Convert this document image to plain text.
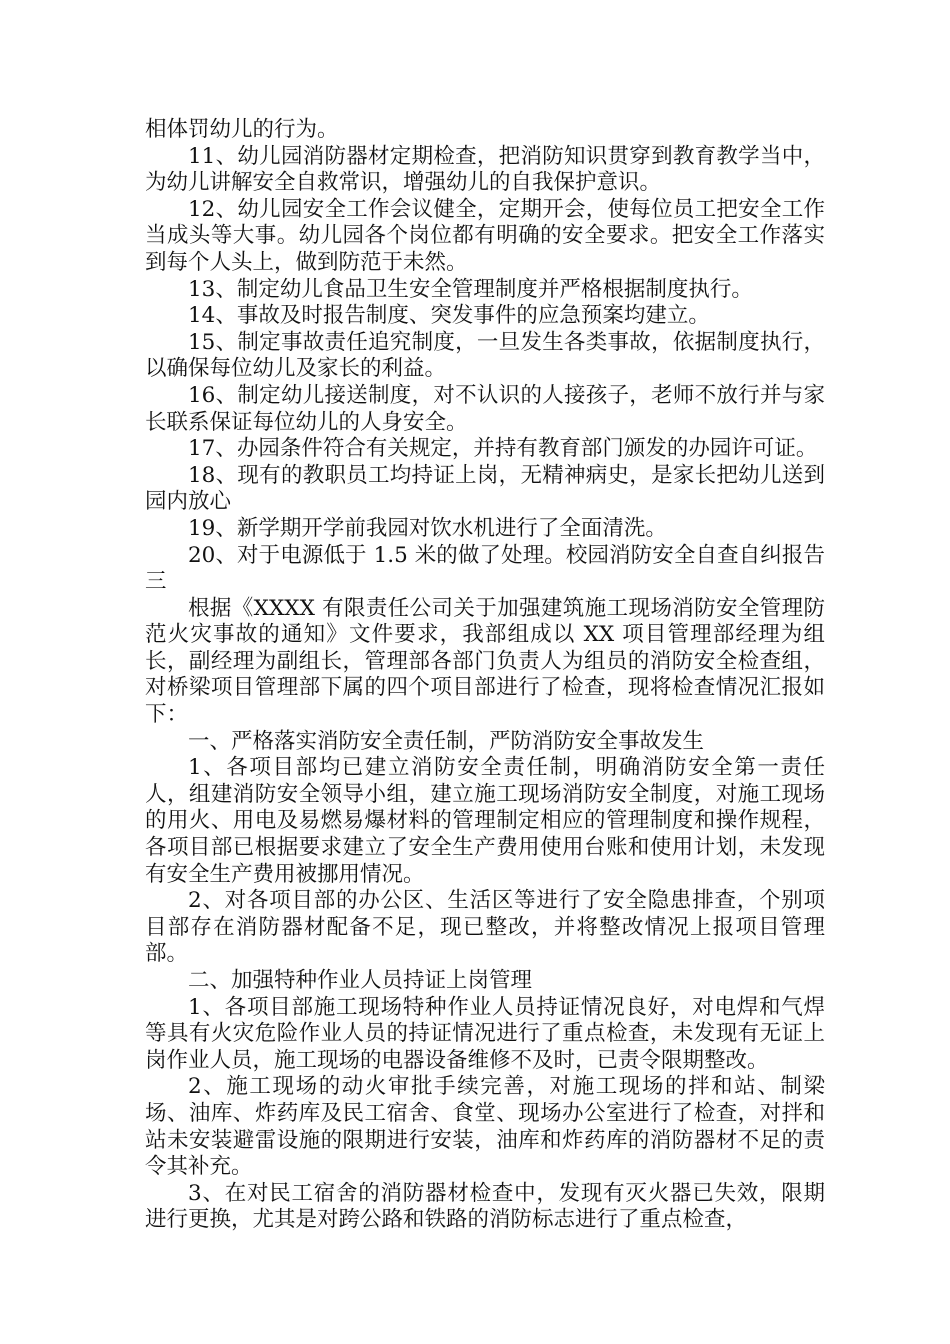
相体罚幼儿的行为。

11、幼儿园消防器材定期检查，把消防知识贯穿到教育教学当中，为幼儿讲解安全自救常识，增强幼儿的自我保护意识。

12、幼儿园安全工作会议健全，定期开会，使每位员工把安全工作当成头等大事。幼儿园各个岗位都有明确的安全要求。把安全工作落实到每个人头上，做到防范于未然。

13、制定幼儿食品卫生安全管理制度并严格根据制度执行。

14、事故及时报告制度、突发事件的应急预案均建立。

15、制定事故责任追究制度，一旦发生各类事故，依据制度执行，以确保每位幼儿及家长的利益。

16、制定幼儿接送制度，对不认识的人接孩子，老师不放行并与家长联系保证每位幼儿的人身安全。

17、办园条件符合有关规定，并持有教育部门颁发的办园许可证。

18、现有的教职员工均持证上岗，无精神病史，是家长把幼儿送到园内放心

19、新学期开学前我园对饮水机进行了全面清洗。

20、对于电源低于 1.5 米的做了处理。校园消防安全自查自纠报告三

根据《XXXX 有限责任公司关于加强建筑施工现场消防安全管理防范火灾事故的通知》文件要求，我部组成以 XX 项目管理部经理为组长，副经理为副组长，管理部各部门负责人为组员的消防安全检查组，对桥梁项目管理部下属的四个项目部进行了检查，现将检查情况汇报如下：

一、严格落实消防安全责任制，严防消防安全事故发生

1、各项目部均已建立消防安全责任制，明确消防安全第一责任人，组建消防安全领导小组，建立施工现场消防安全制度，对施工现场的用火、用电及易燃易爆材料的管理制定相应的管理制度和操作规程，各项目部已根据要求建立了安全生产费用使用台账和使用计划，未发现有安全生产费用被挪用情况。

2、对各项目部的办公区、生活区等进行了安全隐患排查，个别项目部存在消防器材配备不足，现已整改，并将整改情况上报项目管理部。

二、加强特种作业人员持证上岗管理

1、各项目部施工现场特种作业人员持证情况良好，对电焊和气焊等具有火灾危险作业人员的持证情况进行了重点检查，未发现有无证上岗作业人员，施工现场的电器设备维修不及时，已责令限期整改。

2、施工现场的动火审批手续完善，对施工现场的拌和站、制梁场、油库、炸药库及民工宿舍、食堂、现场办公室进行了检查，对拌和站未安装避雷设施的限期进行安装，油库和炸药库的消防器材不足的责令其补充。

3、在对民工宿舍的消防器材检查中，发现有灭火器已失效，限期进行更换，尤其是对跨公路和铁路的消防标志进行了重点检查，
